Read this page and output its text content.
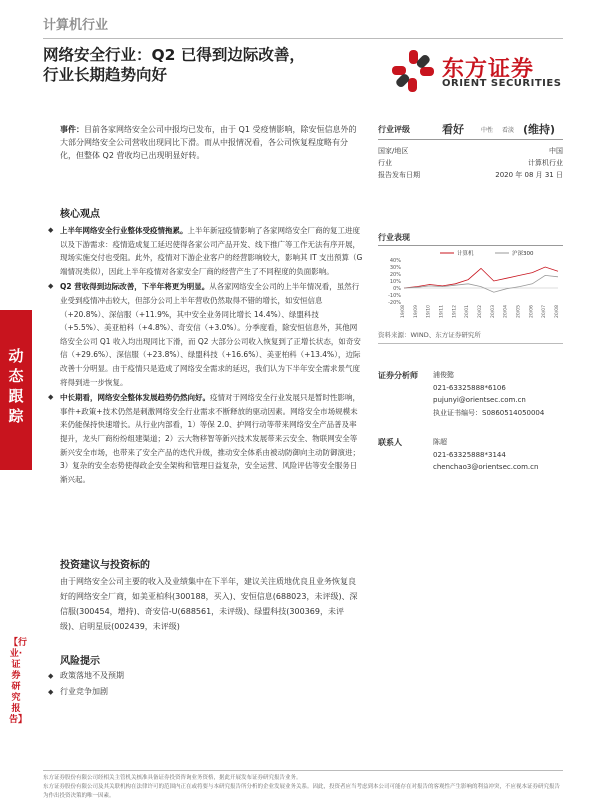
计算机行业
网络安全行业：Q2 已得到边际改善，
行业长期趋势向好	东方证券
ORIENT SECURITIES
动态跟踪
【行业·证券研究报告】
事件：目前各家网络安全公司中报均已发布，由于 Q1 受疫情影响，除安恒信息外的大部分网络安全公司营收出现同比下滑。而从中报情况看，各公司恢复程度略有分化，但整体 Q2 营收均已出现明显好转。
核心观点
◆ 上半年网络安全行业整体受疫情拖累。上半年新冠疫情影响了各家网络安全厂商的复工进度以及下游需求：疫情造成复工延迟使得各家公司产品开发、线下推广等工作无法有序开展，现场实施交付也受阻。此外，疫情对下游企业客户的经营影响较大，影响其 IT 支出预算（G 端情况类似），因此上半年疫情对各家安全厂商的经营产生了不同程度的负面影响。
◆ Q2 营收得到边际改善，下半年将更为明显。从各家网络安全公司的上半年情况看，虽然行业受到疫情冲击较大，但部分公司上半年营收仍然取得不错的增长，如安恒信息（+20.8%）、深信服（+11.9%，其中安全业务同比增长 14.4%）、绿盟科技（+5.5%）、美亚柏科（+4.8%）、奇安信（+3.0%）。分季度看，除安恒信息外，其他网络安全公司 Q1 收入均出现同比下滑，而 Q2 大部分公司收入恢复到了正增长状态，如奇安信（+29.6%）、深信服（+23.8%）、绿盟科技（+16.6%）、美亚柏科（+13.4%），边际改善十分明显。由于疫情只是造成了网络安全需求的延迟，我们认为下半年安全需求景气度将得到进一步恢复。
◆ 中长期看，网络安全整体发展趋势仍然向好。疫情对于网络安全行业发展只是暂时性影响，事件+政策+技术仍然是刺激网络安全行业需求不断释放的驱动因素。网络安全市场规模未来仍能保持快速增长。从行业内部看，1）等保 2.0、护网行动等带来网络安全产品普及率提升，龙头厂商纷纷组建渠道；2）云大物移智等新兴技术发展带来云安全、物联网安全等新兴安全市场，也带来了安全产品的迭代升级，推动安全体系由被动防御向主动防御演进；3）复杂的安全态势使得政企安全架构和管理日益复杂，安全运营、风险评估等安全服务日渐兴起。
投资建议与投资标的
由于网络安全公司主要的收入及业绩集中在下半年，建议关注质地优良且业务恢复良好的网络安全厂商，如美亚柏科(300188，买入)、安恒信息(688023，未评级)、深信服(300454，增持)、奇安信-U(688561，未评级)、绿盟科技(300369，未评级)、启明星辰(002439，未评级)
风险提示
◆ 政策落地不及预期
◆ 行业竞争加剧
行业评级	看好	中性 看淡 (维持)
国家/地区	中国
行业	计算机行业
报告发布日期	2020 年 08 月 31 日
行业表现
计算机	沪深300
40%
30%
20%
10%
0%
-10%
-20%
19/08 19/09 19/10 19/11 19/12 20/01 20/02 20/03 20/04 20/05 20/06 20/07 20/08
资料来源：WIND、东方证券研究所
证券分析师 浦俊懿
021-63325888*6106
pujunyi@orientsec.com.cn
执业证书编号：S0860514050004
联系人	陈超
021-63325888*3144
chenchao3@orientsec.com.cn
东方证券股份有限公司经相关主管机关核准具备证券投资咨询业务资格，据此开展发布证券研究报告业务。
东方证券股份有限公司及其关联机构在法律许可的范围内正在或将要与本研究报告所分析的企业发展业务关系。因此，投资者应当考虑到本公司可能存在对报告的客观性产生影响的利益冲突，不应视本证券研究报告为作出投资决策的唯一因素。
